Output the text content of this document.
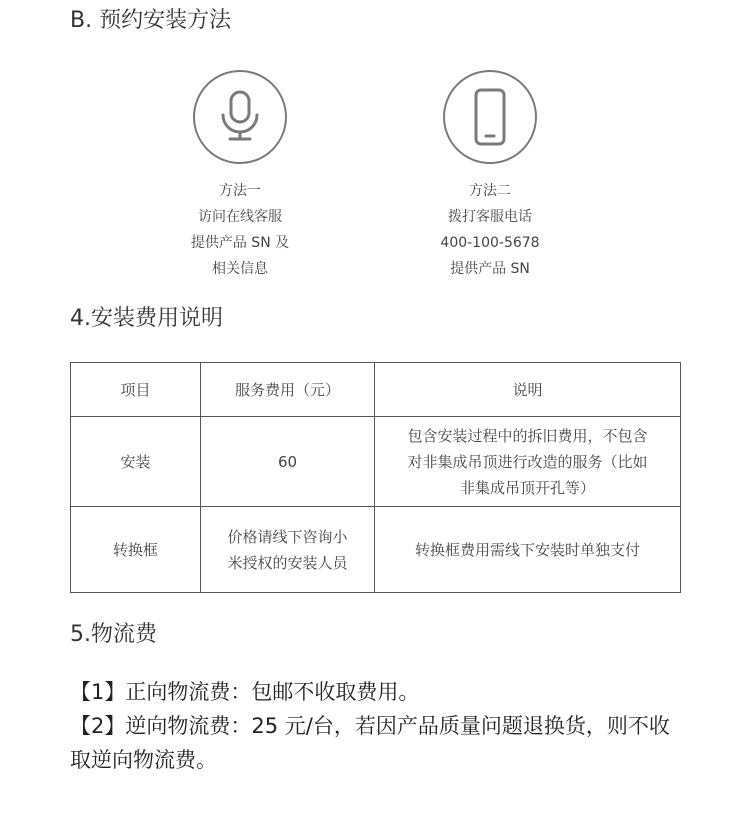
B. 预约安装方法
方法一
访问在线客服
提供产品 SN 及
相关信息
方法二
拨打客服电话
400-100-5678
提供产品 SN
4.安装费用说明
项目	服务费用（元）	说明
安装	60	包含安装过程中的拆旧费用，不包含
对非集成吊顶进行改造的服务（比如
非集成吊顶开孔等）

转换框	价格请线下咨询小
米授权的安装人员	转换框费用需线下安装时单独支付
5.物流费

【1】正向物流费：包邮不收取费用。

【2】逆向物流费：25 元/台，若因产品质量问题退换货，则不收取逆向物流费。
